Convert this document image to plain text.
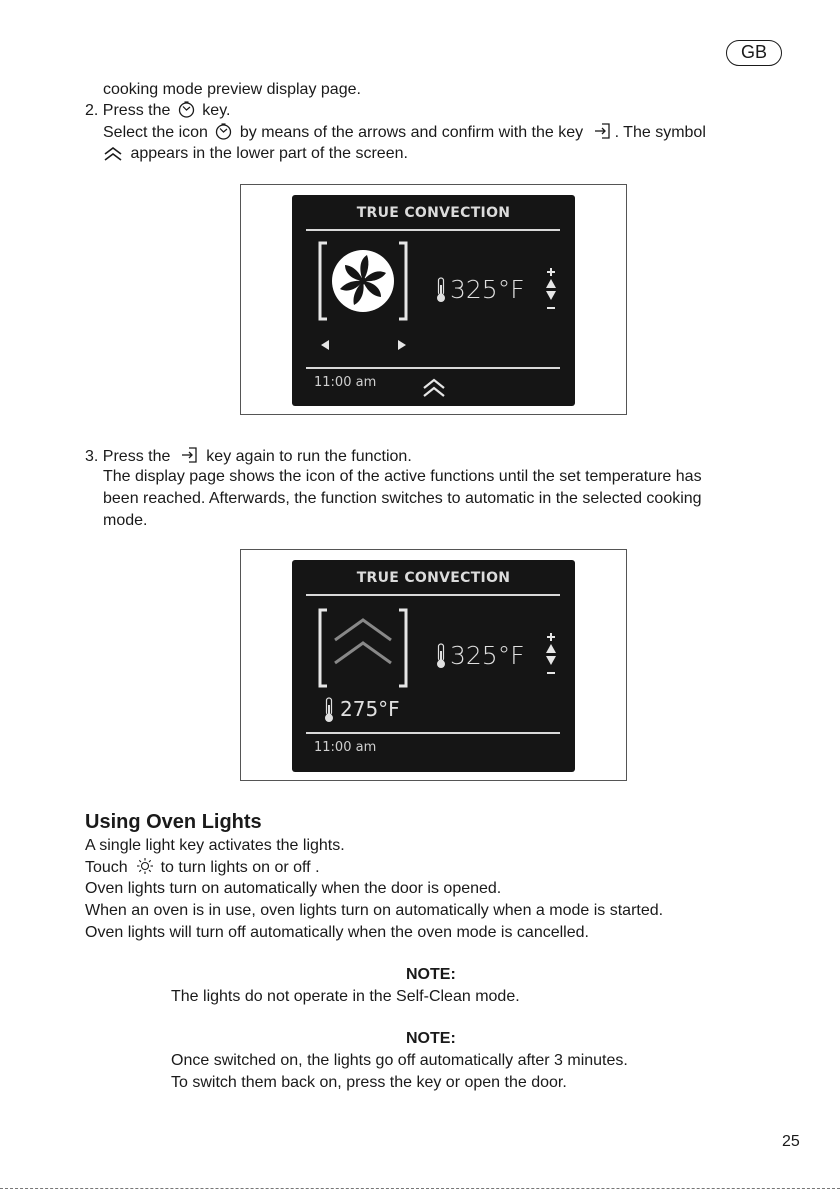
GB
cooking mode preview display page.
2. Press the key.
Select the icon by means of the arrows and confirm with the key . The symbol
appears in the lower part of the screen.
TRUE CONVECTION
325°F
11:00 am
3. Press the key again to run the function.
The display page shows the icon of the active functions until the set temperature has
been reached. Afterwards, the function switches to automatic in the selected cooking
mode.
TRUE CONVECTION
325°F
275°F
11:00 am
Using Oven Lights
A single light key activates the lights.
Touch to turn lights on or off .
Oven lights turn on automatically when the door is opened.
When an oven is in use, oven lights turn on automatically when a mode is started.
Oven lights will turn off automatically when the oven mode is cancelled.
NOTE:
The lights do not operate in the Self-Clean mode.
NOTE:
Once switched on, the lights go off automatically after 3 minutes.
To switch them back on, press the key or open the door.
25
